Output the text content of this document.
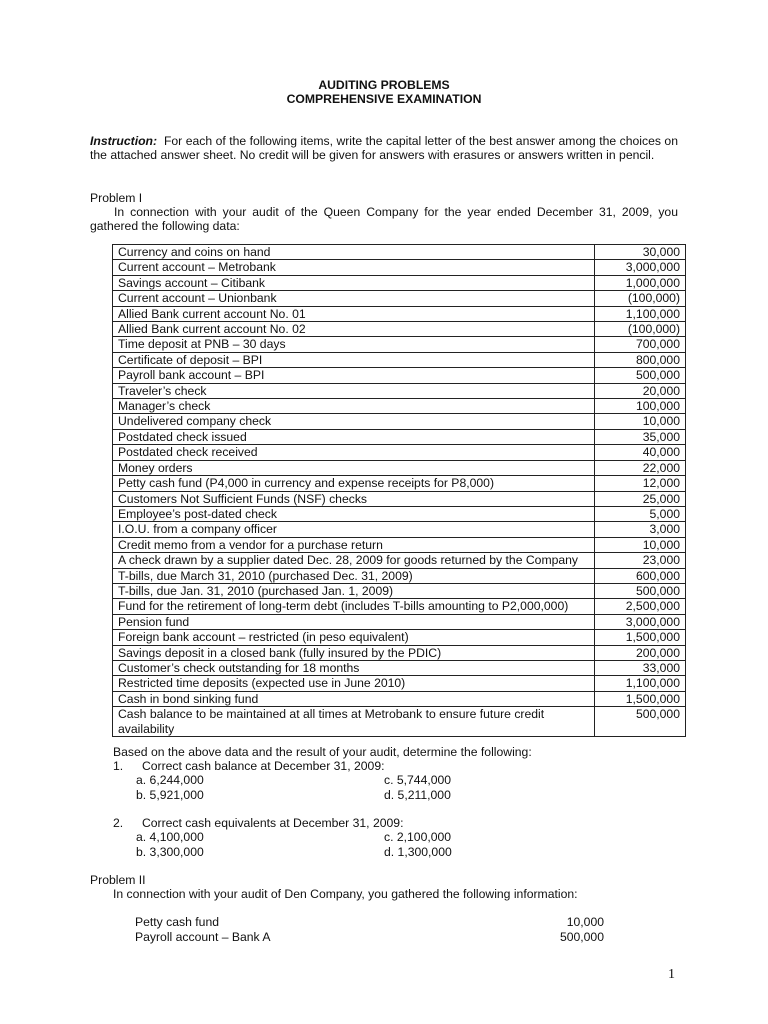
AUDITING PROBLEMS
COMPREHENSIVE EXAMINATION
Instruction: For each of the following items, write the capital letter of the best answer among the choices on the attached answer sheet. No credit will be given for answers with erasures or answers written in pencil.
Problem I
In connection with your audit of the Queen Company for the year ended December 31, 2009, you gathered the following data:
Currency and coins on hand	30,000
Current account – Metrobank	3,000,000
Savings account – Citibank	1,000,000
Current account – Unionbank	(100,000)
Allied Bank current account No. 01	1,100,000
Allied Bank current account No. 02	(100,000)
Time deposit at PNB – 30 days	700,000
Certificate of deposit – BPI	800,000
Payroll bank account – BPI	500,000
Traveler’s check	20,000
Manager’s check	100,000
Undelivered company check	10,000
Postdated check issued	35,000
Postdated check received	40,000
Money orders	22,000
Petty cash fund (P4,000 in currency and expense receipts for P8,000)	12,000
Customers Not Sufficient Funds (NSF) checks	25,000
Employee’s post-dated check	5,000
I.O.U. from a company officer	3,000
Credit memo from a vendor for a purchase return	10,000
A check drawn by a supplier dated Dec. 28, 2009 for goods returned by the Company	23,000
T-bills, due March 31, 2010 (purchased Dec. 31, 2009)	600,000
T-bills, due Jan. 31, 2010 (purchased Jan. 1, 2009)	500,000
Fund for the retirement of long-term debt (includes T-bills amounting to P2,000,000)	2,500,000
Pension fund	3,000,000
Foreign bank account – restricted (in peso equivalent)	1,500,000
Savings deposit in a closed bank (fully insured by the PDIC)	200,000
Customer’s check outstanding for 18 months	33,000
Restricted time deposits (expected use in June 2010)	1,100,000
Cash in bond sinking fund	1,500,000
Cash balance to be maintained at all times at Metrobank to ensure future credit availability	500,000
Based on the above data and the result of your audit, determine the following:
1. Correct cash balance at December 31, 2009:
a. 6,244,000	c. 5,744,000
b. 5,921,000	d. 5,211,000
2. Correct cash equivalents at December 31, 2009:
a. 4,100,000	c. 2,100,000
b. 3,300,000	d. 1,300,000
Problem II
In connection with your audit of Den Company, you gathered the following information:
Petty cash fund	10,000
Payroll account – Bank A	500,000
1
